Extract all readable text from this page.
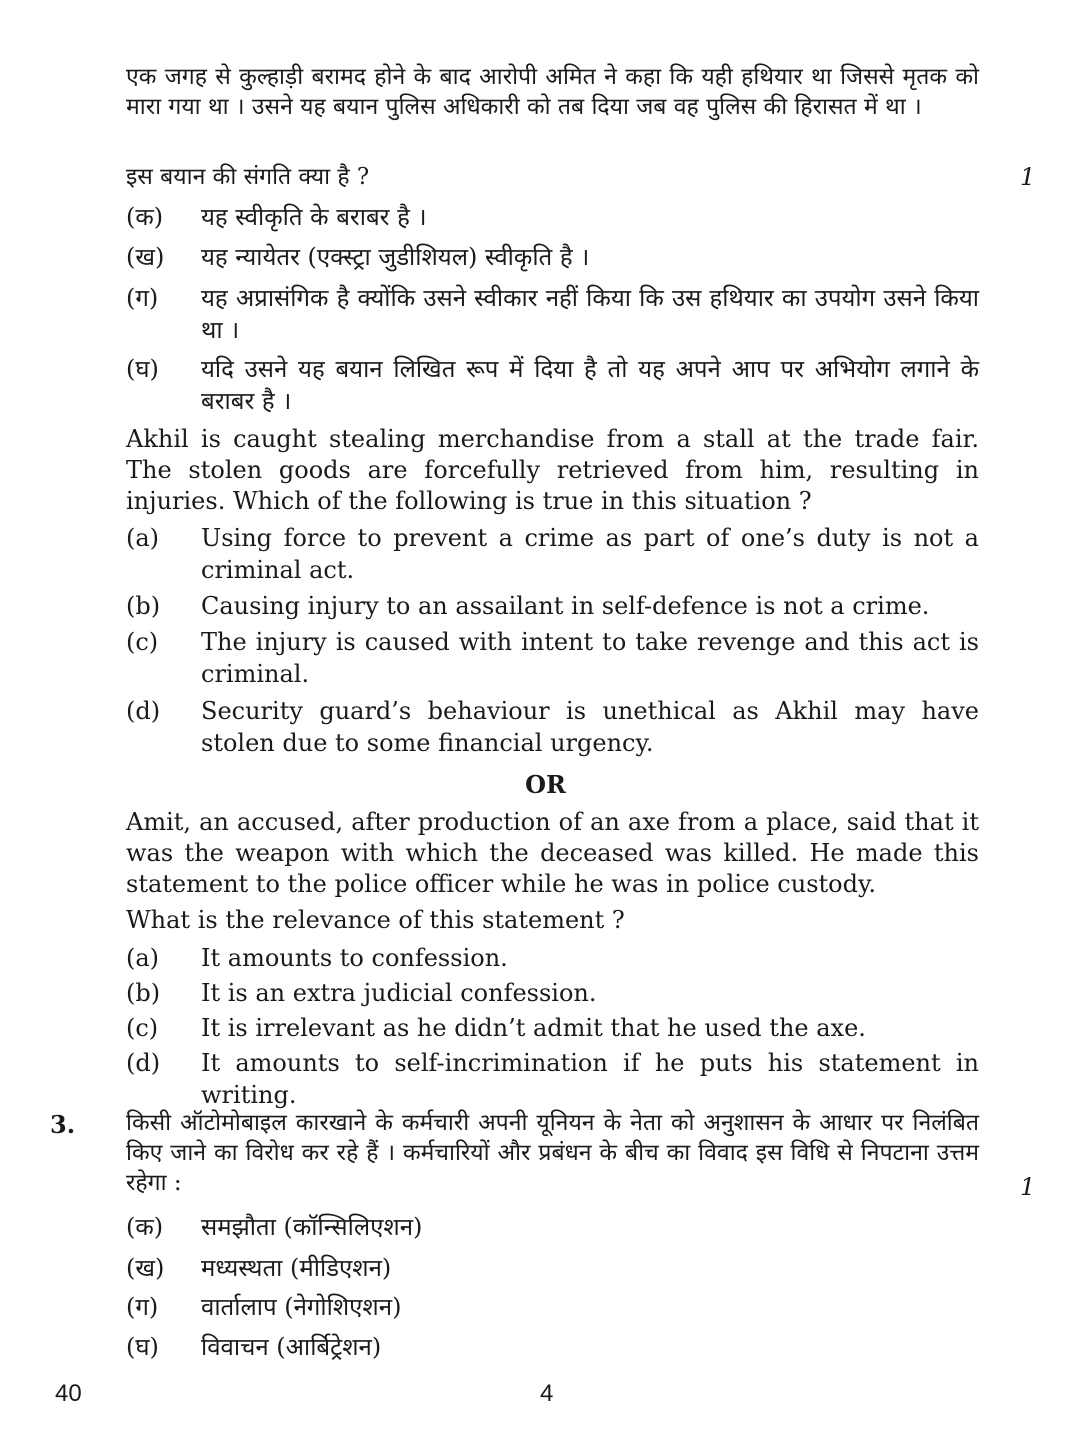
एक जगह से कुल्हाड़ी बरामद होने के बाद आरोपी अमित ने कहा कि यही हथियार था जिससे मृतक को मारा गया था । उसने यह बयान पुलिस अधिकारी को तब दिया जब वह पुलिस की हिरासत में था ।

इस बयान की संगति क्या है ?	1
(क) यह स्वीकृति के बराबर है ।
(ख) यह न्यायेतर (एक्स्ट्रा जुडीशियल) स्वीकृति है ।
(ग) यह अप्रासंगिक है क्योंकि उसने स्वीकार नहीं किया कि उस हथियार का उपयोग उसने किया था ।
(घ) यदि उसने यह बयान लिखित रूप में दिया है तो यह अपने आप पर अभियोग लगाने के बराबर है ।

Akhil is caught stealing merchandise from a stall at the trade fair. The stolen goods are forcefully retrieved from him, resulting in injuries. Which of the following is true in this situation ?

(a) Using force to prevent a crime as part of one’s duty is not a criminal act.
(b) Causing injury to an assailant in self-defence is not a crime.
(c) The injury is caused with intent to take revenge and this act is criminal.
(d) Security guard’s behaviour is unethical as Akhil may have stolen due to some financial urgency.
OR

Amit, an accused, after production of an axe from a place, said that it was the weapon with which the deceased was killed. He made this statement to the police officer while he was in police custody.

What is the relevance of this statement ?

(a) It amounts to confession.
(b) It is an extra judicial confession.
(c) It is irrelevant as he didn’t admit that he used the axe.
(d) It amounts to self-incrimination if he puts his statement in writing.
3. किसी ऑटोमोबाइल कारखाने के कर्मचारी अपनी यूनियन के नेता को अनुशासन के आधार पर निलंबित किए जाने का विरोध कर रहे हैं । कर्मचारियों और प्रबंधन के बीच का विवाद इस विधि से निपटाना उत्तम रहेगा :	1
(क) समझौता (कॉन्सिलिएशन)
(ख) मध्यस्थता (मीडिएशन)
(ग) वार्तालाप (नेगोशिएशन)
(घ) विवाचन (आर्बिट्रेशन)
40	4
